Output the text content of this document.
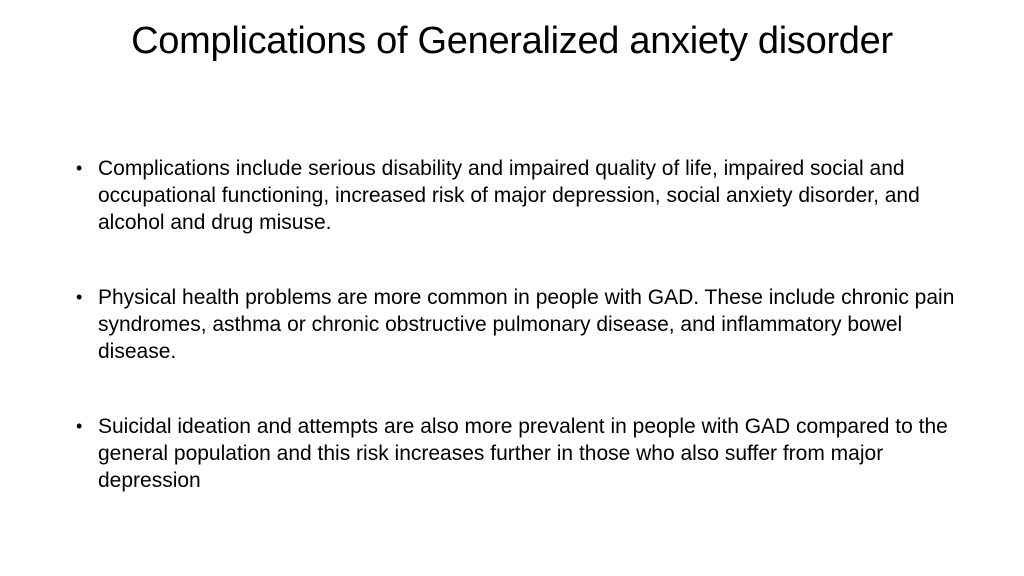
Complications of Generalized anxiety disorder
• Complications include serious disability and impaired quality of life, impaired social and occupational functioning, increased risk of major depression, social anxiety disorder, and alcohol and drug misuse.
• Physical health problems are more common in people with GAD. These include chronic pain syndromes, asthma or chronic obstructive pulmonary disease, and inflammatory bowel disease.
• Suicidal ideation and attempts are also more prevalent in people with GAD compared to the general population and this risk increases further in those who also suffer from major depression
